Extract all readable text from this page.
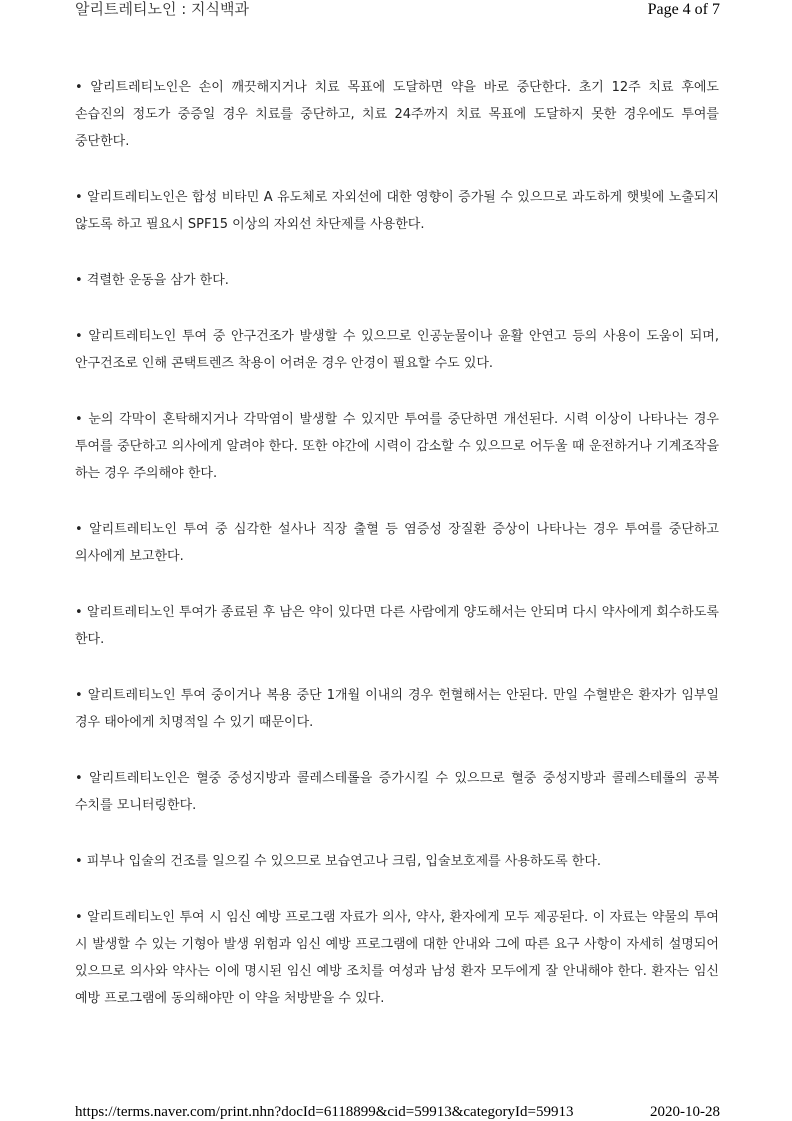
알리트레티노인 : 지식백과	Page 4 of 7

• 알리트레티노인은 손이 깨끗해지거나 치료 목표에 도달하면 약을 바로 중단한다. 초기 12주 치료 후에도 손습진의 정도가 중증일 경우 치료를 중단하고, 치료 24주까지 치료 목표에 도달하지 못한 경우에도 투여를 중단한다.

• 알리트레티노인은 합성 비타민 A 유도체로 자외선에 대한 영향이 증가될 수 있으므로 과도하게 햇빛에 노출되지 않도록 하고 필요시 SPF15 이상의 자외선 차단제를 사용한다.

• 격렬한 운동을 삼가 한다.

• 알리트레티노인 투여 중 안구건조가 발생할 수 있으므로 인공눈물이나 윤활 안연고 등의 사용이 도움이 되며, 안구건조로 인해 콘택트렌즈 착용이 어려운 경우 안경이 필요할 수도 있다.

• 눈의 각막이 혼탁해지거나 각막염이 발생할 수 있지만 투여를 중단하면 개선된다. 시력 이상이 나타나는 경우 투여를 중단하고 의사에게 알려야 한다. 또한 야간에 시력이 감소할 수 있으므로 어두울 때 운전하거나 기계조작을 하는 경우 주의해야 한다.

• 알리트레티노인 투여 중 심각한 설사나 직장 출혈 등 염증성 장질환 증상이 나타나는 경우 투여를 중단하고 의사에게 보고한다.

• 알리트레티노인 투여가 종료된 후 남은 약이 있다면 다른 사람에게 양도해서는 안되며 다시 약사에게 회수하도록 한다.

• 알리트레티노인 투여 중이거나 복용 중단 1개월 이내의 경우 헌혈해서는 안된다. 만일 수혈받은 환자가 임부일 경우 태아에게 치명적일 수 있기 때문이다.

• 알리트레티노인은 혈중 중성지방과 콜레스테롤을 증가시킬 수 있으므로 혈중 중성지방과 콜레스테롤의 공복 수치를 모니터링한다.

• 피부나 입술의 건조를 일으킬 수 있으므로 보습연고나 크림, 입술보호제를 사용하도록 한다.

• 알리트레티노인 투여 시 임신 예방 프로그램 자료가 의사, 약사, 환자에게 모두 제공된다. 이 자료는 약물의 투여 시 발생할 수 있는 기형아 발생 위험과 임신 예방 프로그램에 대한 안내와 그에 따른 요구 사항이 자세히 설명되어 있으므로 의사와 약사는 이에 명시된 임신 예방 조치를 여성과 남성 환자 모두에게 잘 안내해야 한다. 환자는 임신 예방 프로그램에 동의해야만 이 약을 처방받을 수 있다.

https://terms.naver.com/print.nhn?docId=6118899&cid=59913&categoryId=59913	2020-10-28
